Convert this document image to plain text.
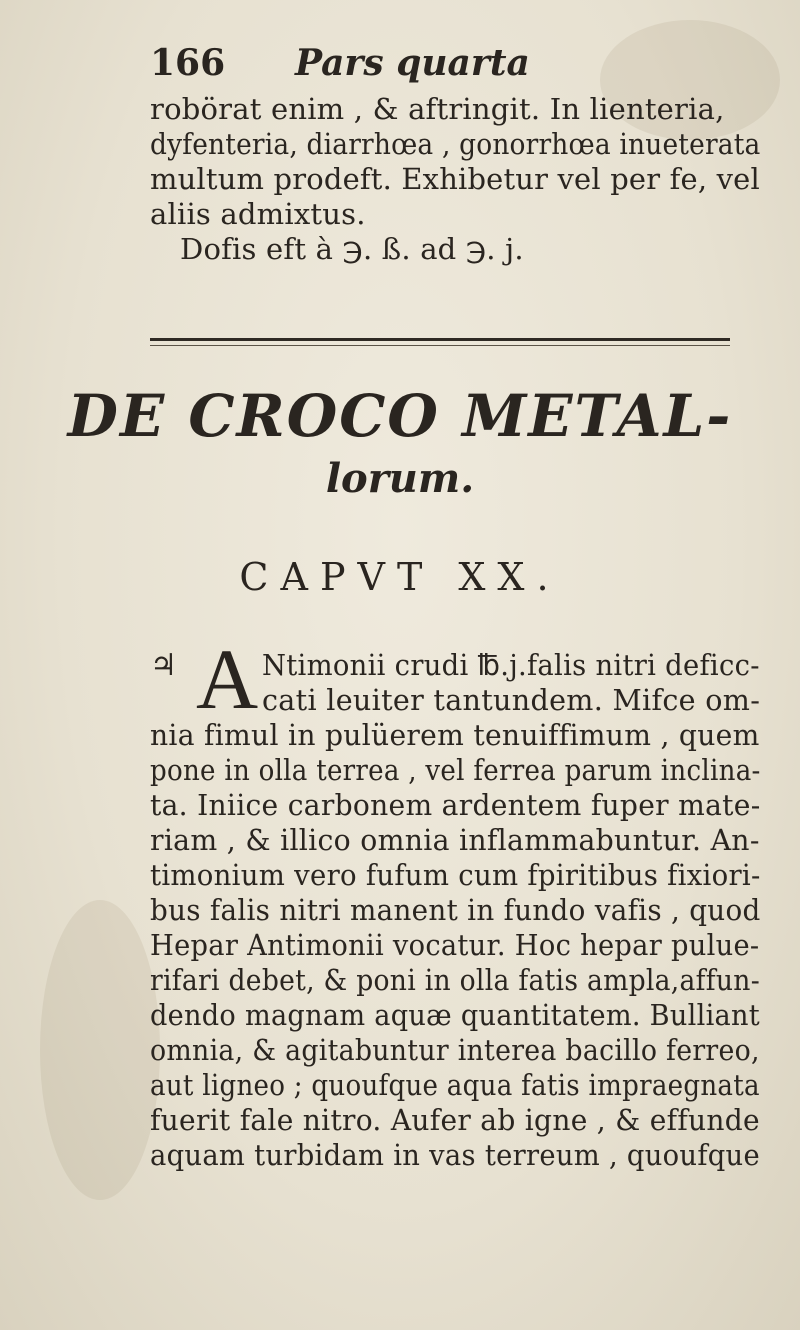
166 Pars quarta
robörat enim , & aftringit. In lienteria,
dyfenteria, diarrhœa , gonorrhœa inueterata
multum prodeft. Exhibetur vel per fe, vel
aliis admixtus.
Dofis eft à ℈. ß. ad ℈. j.
DE CROCO METAL-
lorum.
CAPVT XX.
♃ A Ntimonii crudi ℔.j.falis nitri deficc-
cati leuiter tantundem. Mifce om-
nia fimul in pulüerem tenuiffimum , quem
pone in olla terrea , vel ferrea parum inclina-
ta. Iniice carbonem ardentem fuper mate-
riam , & illico omnia inflammabuntur. An-
timonium vero fufum cum fpiritibus fixiori-
bus falis nitri manent in fundo vafis , quod
Hepar Antimonii vocatur. Hoc hepar pulue-
rifari debet, & poni in olla fatis ampla,affun-
dendo magnam aquæ quantitatem. Bulliant
omnia, & agitabuntur interea bacillo ferreo,
aut ligneo ; quoufque aqua fatis impraegnata
fuerit fale nitro. Aufer ab igne , & effunde
aquam turbidam in vas terreum , quoufque
